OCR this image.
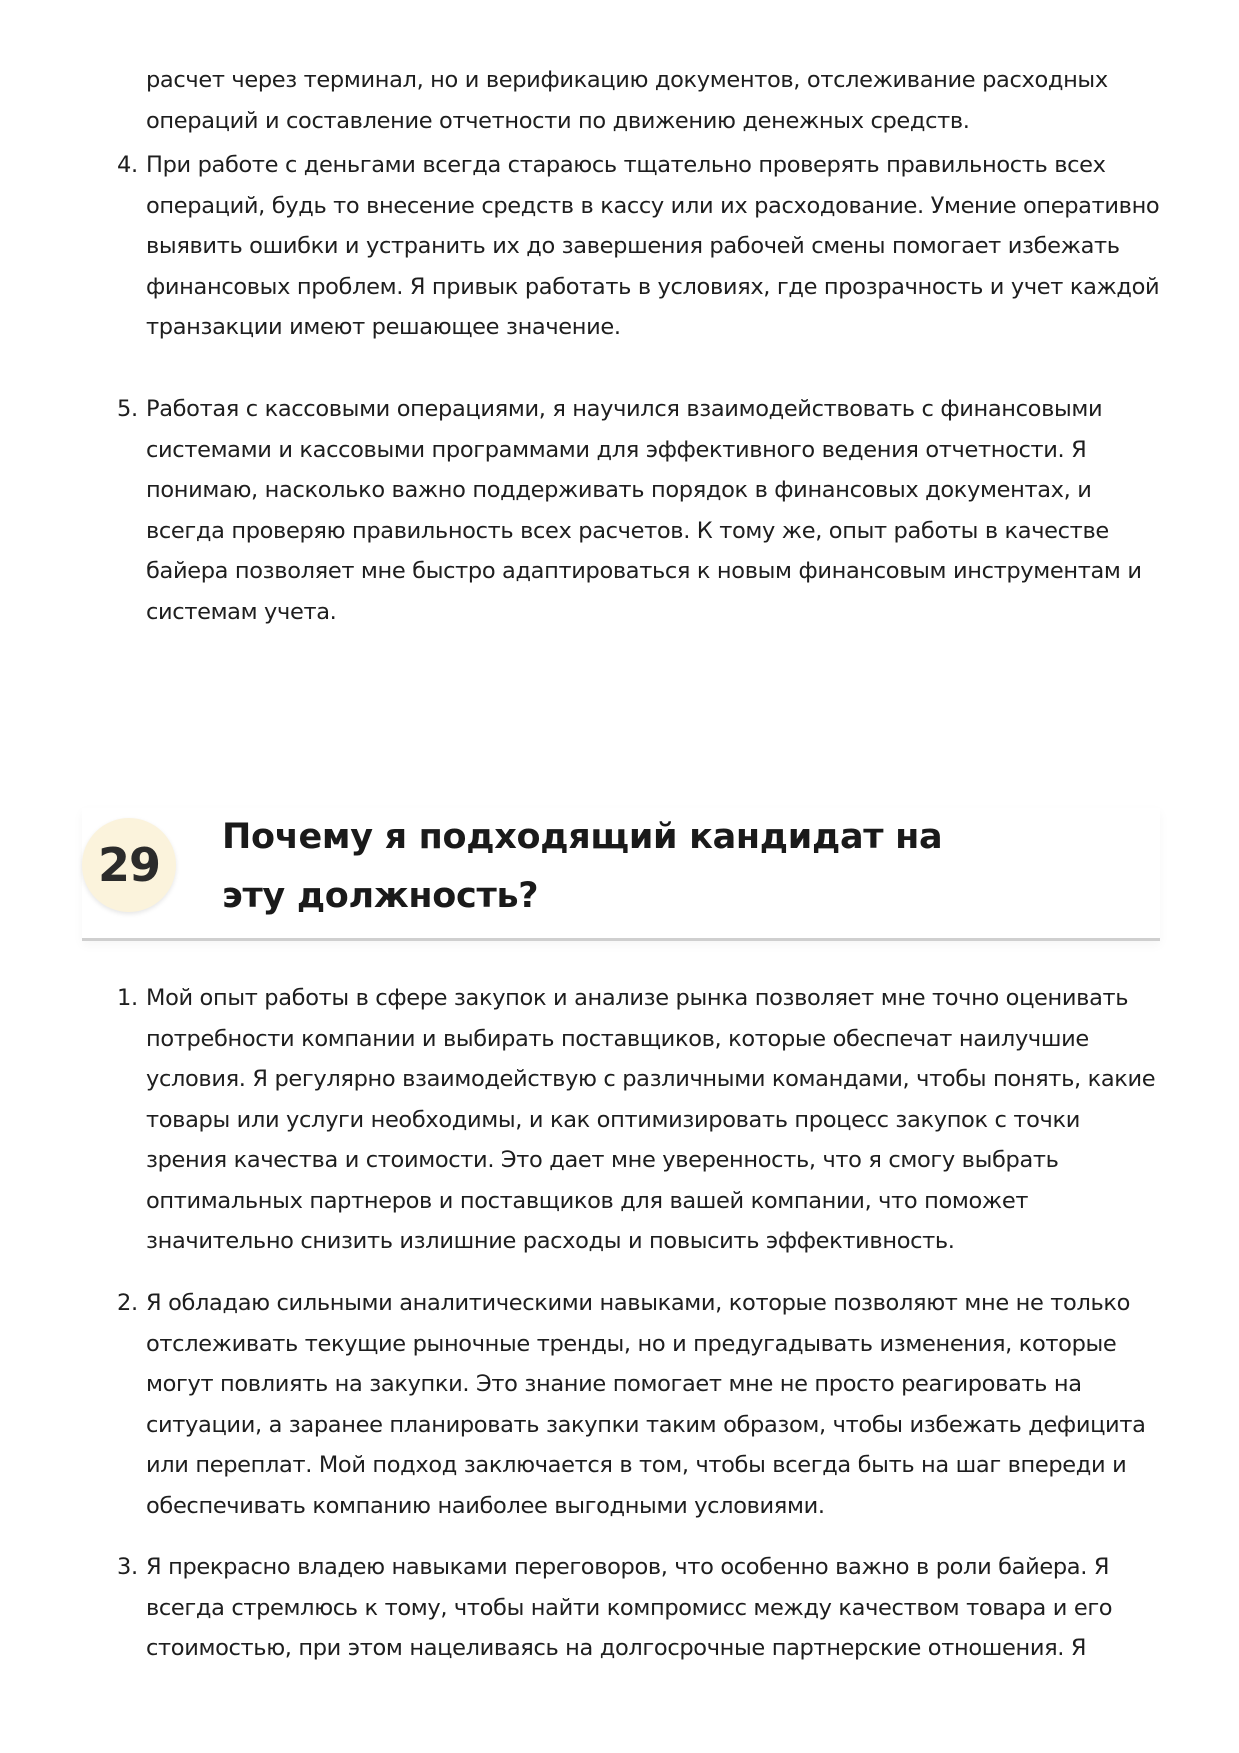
расчет через терминал, но и верификацию документов, отслеживание расходных операций и составление отчетности по движению денежных средств.
4. При работе с деньгами всегда стараюсь тщательно проверять правильность всех операций, будь то внесение средств в кассу или их расходование. Умение оперативно выявить ошибки и устранить их до завершения рабочей смены помогает избежать финансовых проблем. Я привык работать в условиях, где прозрачность и учет каждой транзакции имеют решающее значение.
5. Работая с кассовыми операциями, я научился взаимодействовать с финансовыми системами и кассовыми программами для эффективного ведения отчетности. Я понимаю, насколько важно поддерживать порядок в финансовых документах, и всегда проверяю правильность всех расчетов. К тому же, опыт работы в качестве байера позволяет мне быстро адаптироваться к новым финансовым инструментам и системам учета.
29
Почему я подходящий кандидат на эту должность?
1. Мой опыт работы в сфере закупок и анализе рынка позволяет мне точно оценивать потребности компании и выбирать поставщиков, которые обеспечат наилучшие условия. Я регулярно взаимодействую с различными командами, чтобы понять, какие товары или услуги необходимы, и как оптимизировать процесс закупок с точки зрения качества и стоимости. Это дает мне уверенность, что я смогу выбрать оптимальных партнеров и поставщиков для вашей компании, что поможет значительно снизить излишние расходы и повысить эффективность.
2. Я обладаю сильными аналитическими навыками, которые позволяют мне не только отслеживать текущие рыночные тренды, но и предугадывать изменения, которые могут повлиять на закупки. Это знание помогает мне не просто реагировать на ситуации, а заранее планировать закупки таким образом, чтобы избежать дефицита или переплат. Мой подход заключается в том, чтобы всегда быть на шаг впереди и обеспечивать компанию наиболее выгодными условиями.
3. Я прекрасно владею навыками переговоров, что особенно важно в роли байера. Я всегда стремлюсь к тому, чтобы найти компромисс между качеством товара и его стоимостью, при этом нацеливаясь на долгосрочные партнерские отношения. Я
